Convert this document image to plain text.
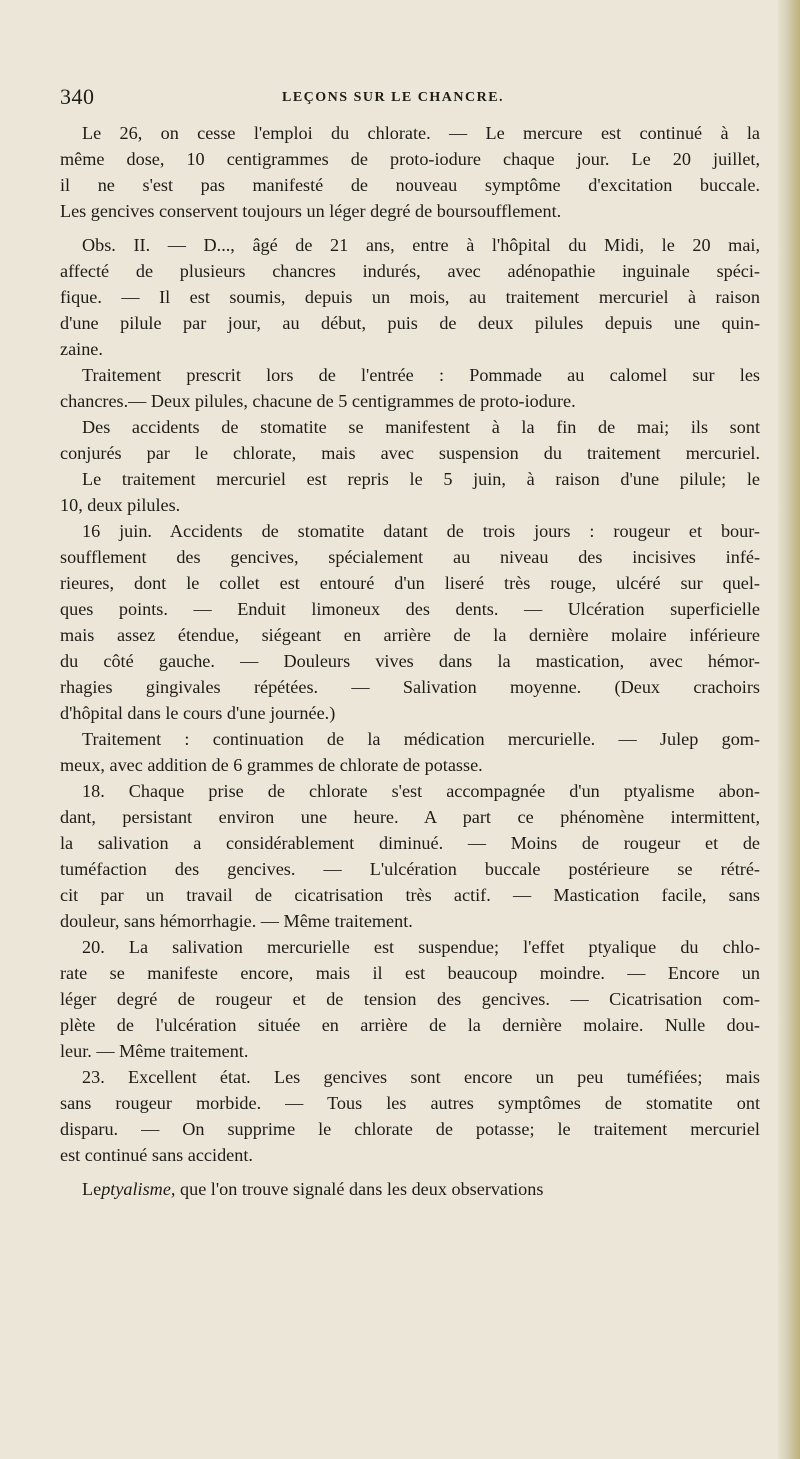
340	LEÇONS SUR LE CHANCRE.
Le 26, on cesse l'emploi du chlorate. — Le mercure est continué à la
même dose, 10 centigrammes de proto-iodure chaque jour. Le 20 juillet,
il ne s'est pas manifesté de nouveau symptôme d'excitation buccale.
Les gencives conservent toujours un léger degré de boursoufflement.
Obs. II. — D..., âgé de 21 ans, entre à l'hôpital du Midi, le 20 mai,
affecté de plusieurs chancres indurés, avec adénopathie inguinale spéci-
fique. — Il est soumis, depuis un mois, au traitement mercuriel à raison
d'une pilule par jour, au début, puis de deux pilules depuis une quin-
zaine.
Traitement prescrit lors de l'entrée : Pommade au calomel sur les
chancres.— Deux pilules, chacune de 5 centigrammes de proto-iodure.
Des accidents de stomatite se manifestent à la fin de mai; ils sont
conjurés par le chlorate, mais avec suspension du traitement mercuriel.
Le traitement mercuriel est repris le 5 juin, à raison d'une pilule; le
10, deux pilules.
16 juin. Accidents de stomatite datant de trois jours : rougeur et bour-
soufflement des gencives, spécialement au niveau des incisives infé-
rieures, dont le collet est entouré d'un liseré très rouge, ulcéré sur quel-
ques points. — Enduit limoneux des dents. — Ulcération superficielle
mais assez étendue, siégeant en arrière de la dernière molaire inférieure
du côté gauche. — Douleurs vives dans la mastication, avec hémor-
rhagies gingivales répétées. — Salivation moyenne. (Deux crachoirs
d'hôpital dans le cours d'une journée.)
Traitement : continuation de la médication mercurielle. — Julep gom-
meux, avec addition de 6 grammes de chlorate de potasse.
18. Chaque prise de chlorate s'est accompagnée d'un ptyalisme abon-
dant, persistant environ une heure. A part ce phénomène intermittent,
la salivation a considérablement diminué. — Moins de rougeur et de
tuméfaction des gencives. — L'ulcération buccale postérieure se rétré-
cit par un travail de cicatrisation très actif. — Mastication facile, sans
douleur, sans hémorrhagie. — Même traitement.
20. La salivation mercurielle est suspendue; l'effet ptyalique du chlo-
rate se manifeste encore, mais il est beaucoup moindre. — Encore un
léger degré de rougeur et de tension des gencives. — Cicatrisation com-
plète de l'ulcération située en arrière de la dernière molaire. Nulle dou-
leur. — Même traitement.
23. Excellent état. Les gencives sont encore un peu tuméfiées; mais
sans rougeur morbide. — Tous les autres symptômes de stomatite ont
disparu. — On supprime le chlorate de potasse; le traitement mercuriel
est continué sans accident.
Leptyalisme, que l'on trouve signalé dans les deux observations
